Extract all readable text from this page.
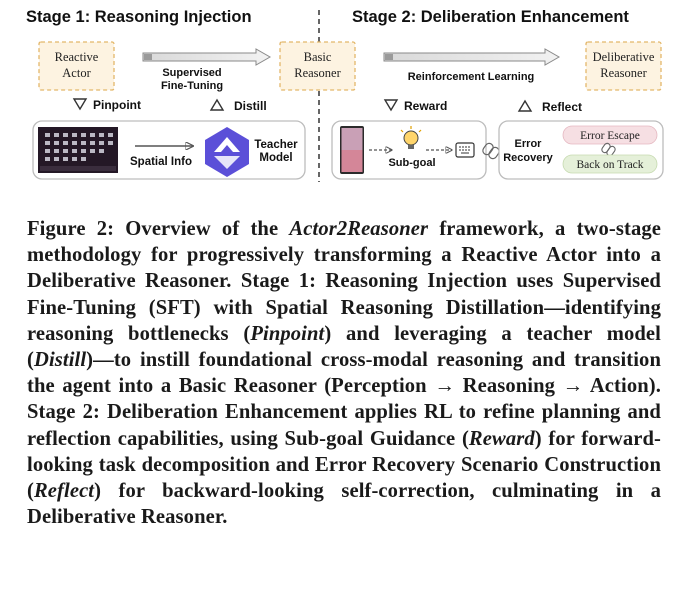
Stage 1: Reasoning Injection	Stage 2: Deliberation Enhancement
Reactive
Actor	Supervised
Fine-Tuning
Basic
Reasoner
Pinpoint	Distill
Spatial Info
Teacher
Model
Reinforcement Learning
Deliberative
Reasoner
Reward	Reflect
Sub-goal
Error
Recovery
Error Escape
Back on Track
Figure 2: Overview of the Actor2Reasoner framework, a two-stage methodology for progressively transforming a Reactive Actor into a Deliberative Reasoner. Stage 1: Reasoning Injection uses Supervised Fine-Tuning (SFT) with Spatial Reasoning Distillation—identifying reasoning bottlenecks (Pinpoint) and leveraging a teacher model (Distill)—to instill foundational cross-modal reasoning and transition the agent into a Basic Reasoner (Perception → Reasoning → Action). Stage 2: Deliberation Enhancement applies RL to refine planning and reflection capabilities, using Sub-goal Guidance (Reward) for forward-looking task decomposition and Error Recovery Scenario Construction (Reflect) for backward-looking self-correction, culminating in a Deliberative Reasoner.
